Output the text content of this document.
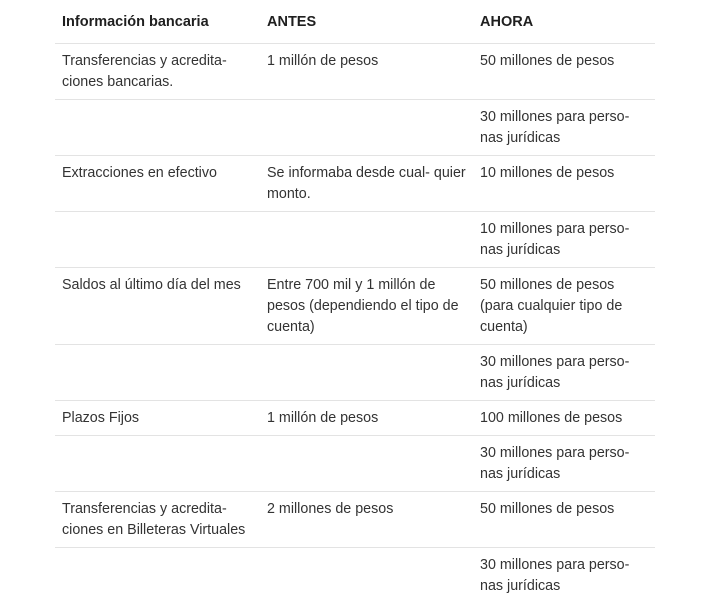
Información bancaria	ANTES	AHORA
Transferencias y acredita- ciones bancarias.	1 millón de pesos	50 millones de pesos
		30 millones para perso- nas jurídicas
Extracciones en efectivo	Se informaba desde cual- quier monto.	10 millones de pesos
		10 millones para perso- nas jurídicas
Saldos al último día del mes	Entre 700 mil y 1 millón de pesos (dependiendo el tipo de cuenta)	50 millones de pesos (para cualquier tipo de cuenta)
		30 millones para perso- nas jurídicas
Plazos Fijos	1 millón de pesos	100 millones de pesos
		30 millones para perso- nas jurídicas
Transferencias y acredita- ciones en Billeteras Virtuales	2 millones de pesos	50 millones de pesos
		30 millones para perso- nas jurídicas
